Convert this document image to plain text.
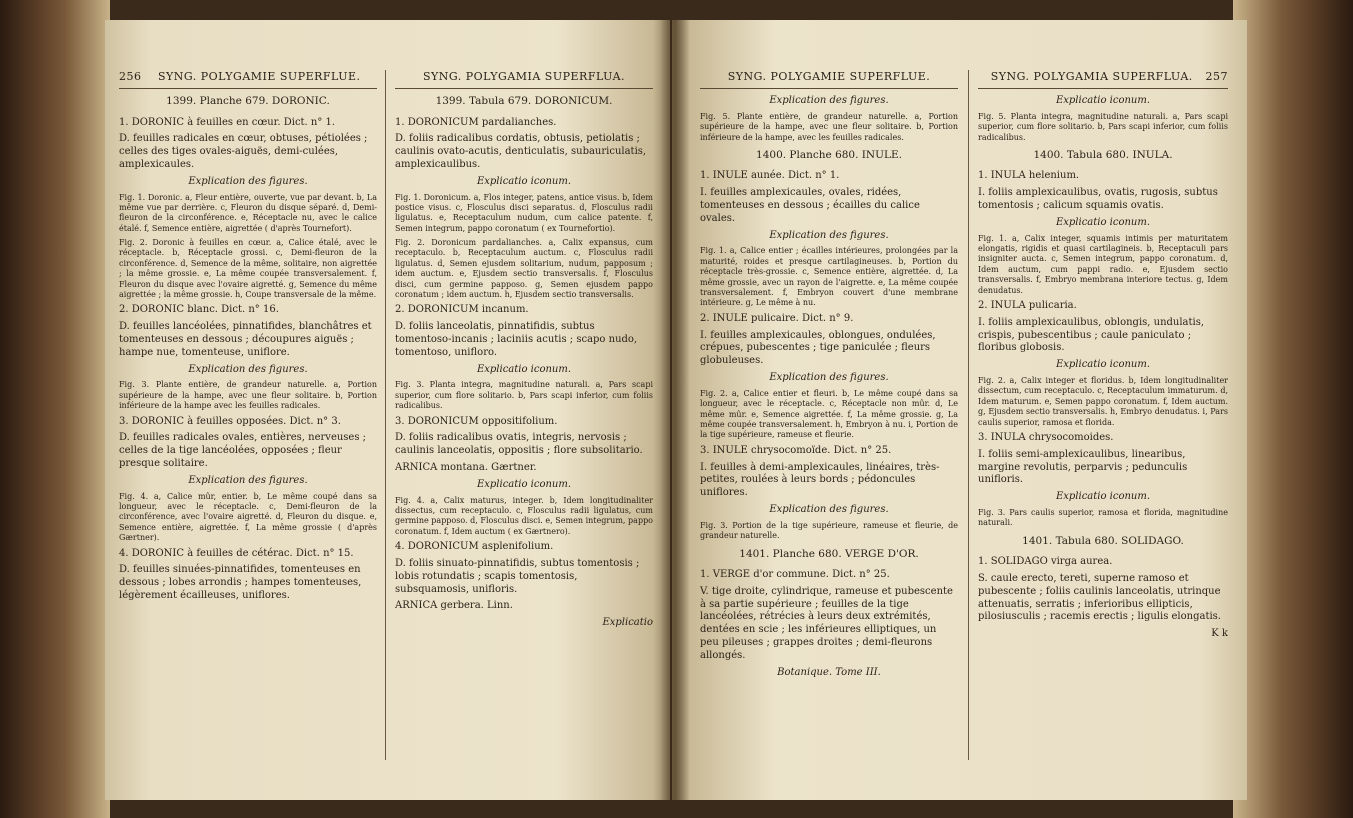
256	SYNG. POLYGAMIE SUPERFLUE.
1399. Planche 679. DORONIC.

1. DORONIC à feuilles en cœur. Dict. n° 1.

D. feuilles radicales en cœur, obtuses, pétiolées ; celles des tiges ovales-aiguës, demi-culées, amplexicaules.

Explication des figures.

Fig. 1. Doronic. a, Fleur entière, ouverte, vue par devant. b, La même vue par derrière. c, Fleuron du disque séparé. d, Demi-fleuron de la circonférence. e, Réceptacle nu, avec le calice étalé. f, Semence entière, aigrettée ( d'après Tournefort).

Fig. 2. Doronic à feuilles en cœur. a, Calice étalé, avec le réceptacle. b, Réceptacle grossi. c, Demi-fleuron de la circonférence. d, Semence de la même, solitaire, non aigrettée ; la même grossie. e, La même coupée transversalement. f, Fleuron du disque avec l'ovaire aigretté. g, Semence du même aigrettée ; la même grossie. h, Coupe transversale de la même.

2. DORONIC blanc. Dict. n° 16.

D. feuilles lancéolées, pinnatifides, blanchâtres et tomenteuses en dessous ; découpures aiguës ; hampe nue, tomenteuse, uniflore.

Explication des figures.

Fig. 3. Plante entière, de grandeur naturelle. a, Portion supérieure de la hampe, avec une fleur solitaire. b, Portion inférieure de la hampe avec les feuilles radicales.

3. DORONIC à feuilles opposées. Dict. n° 3.

D. feuilles radicales ovales, entières, nerveuses ; celles de la tige lancéolées, opposées ; fleur presque solitaire.

Explication des figures.

Fig. 4. a, Calice mûr, entier. b, Le même coupé dans sa longueur, avec le réceptacle. c, Demi-fleuron de la circonférence, avec l'ovaire aigretté. d, Fleuron du disque. e, Semence entière, aigrettée. f, La même grossie ( d'après Gærtner).

4. DORONIC à feuilles de cétérac. Dict. n° 15.

D. feuilles sinuées-pinnatifides, tomenteuses en dessous ; lobes arrondis ; hampes tomenteuses, légèrement écailleuses, uniflores.

SYNG. POLYGAMIA SUPERFLUA.
1399. Tabula 679. DORONICUM.

1. DORONICUM pardalianches.

D. foliis radicalibus cordatis, obtusis, petiolatis ; caulinis ovato-acutis, denticulatis, subauriculatis, amplexicaulibus.

Explicatio iconum.

Fig. 1. Doronicum. a, Flos integer, patens, antice visus. b, Idem postice visus. c, Flosculus disci separatus. d, Flosculus radii ligulatus. e, Receptaculum nudum, cum calice patente. f, Semen integrum, pappo coronatum ( ex Tournefortio).

Fig. 2. Doronicum pardalianches. a, Calix expansus, cum receptaculo. b, Receptaculum auctum. c, Flosculus radii ligulatus. d, Semen ejusdem solitarium, nudum, papposum ; idem auctum. e, Ejusdem sectio transversalis. f, Flosculus disci, cum germine papposo. g, Semen ejusdem pappo coronatum ; idem auctum. h, Ejusdem sectio transversalis.

2. DORONICUM incanum.

D. foliis lanceolatis, pinnatifidis, subtus tomentoso-incanis ; laciniis acutis ; scapo nudo, tomentoso, unifloro.

Explicatio iconum.

Fig. 3. Planta integra, magnitudine naturali. a, Pars scapi superior, cum flore solitario. b, Pars scapi inferior, cum foliis radicalibus.

3. DORONICUM oppositifolium.

D. foliis radicalibus ovatis, integris, nervosis ; caulinis lanceolatis, oppositis ; flore subsolitario.

ARNICA montana. Gærtner.

Explicatio iconum.

Fig. 4. a, Calix maturus, integer. b, Idem longitudinaliter dissectus, cum receptaculo. c, Flosculus radii ligulatus, cum germine papposo. d, Flosculus disci. e, Semen integrum, pappo coronatum. f, Idem auctum ( ex Gærtnero).

4. DORONICUM asplenifolium.

D. foliis sinuato-pinnatifidis, subtus tomentosis ; lobis rotundatis ; scapis tomentosis, subsquamosis, unifloris.

ARNICA gerbera. Linn.

Explicatio

SYNG. POLYGAMIE SUPERFLUE.

Explication des figures.

Fig. 5. Plante entière, de grandeur naturelle. a, Portion supérieure de la hampe, avec une fleur solitaire. b, Portion inférieure de la hampe, avec les feuilles radicales.

1400. Planche 680. INULE.

1. INULE aunée. Dict. n° 1.

I. feuilles amplexicaules, ovales, ridées, tomenteuses en dessous ; écailles du calice ovales.

Explication des figures.

Fig. 1. a, Calice entier ; écailles intérieures, prolongées par la maturité, roides et presque cartilagineuses. b, Portion du réceptacle très-grossie. c, Semence entière, aigrettée. d, La même grossie, avec un rayon de l'aigrette. e, La même coupée transversalement. f, Embryon couvert d'une membrane intérieure. g, Le même à nu.

2. INULE pulicaire. Dict. n° 9.

I. feuilles amplexicaules, oblongues, ondulées, crépues, pubescentes ; tige paniculée ; fleurs globuleuses.

Explication des figures.

Fig. 2. a, Calice entier et fleuri. b, Le même coupé dans sa longueur, avec le réceptacle. c, Réceptacle non mûr. d, Le même mûr. e, Semence aigrettée. f, La même grossie. g, La même coupée transversalement. h, Embryon à nu. i, Portion de la tige supérieure, rameuse et fleurie.

3. INULE chrysocomoïde. Dict. n° 25.

I. feuilles à demi-amplexicaules, linéaires, très-petites, roulées à leurs bords ; pédoncules uniflores.

Explication des figures.

Fig. 3. Portion de la tige supérieure, rameuse et fleurie, de grandeur naturelle.

1401. Planche 680. VERGE D'OR.

1. VERGE d'or commune. Dict. n° 25.

V. tige droite, cylindrique, rameuse et pubescente à sa partie supérieure ; feuilles de la tige lancéolées, rétrécies à leurs deux extrémités, dentées en scie ; les inférieures elliptiques, un peu pileuses ; grappes droites ; demi-fleurons allongés.

Botanique. Tome III.

SYNG. POLYGAMIA SUPERFLUA.	257

Explicatio iconum.

Fig. 5. Planta integra, magnitudine naturali. a, Pars scapi superior, cum flore solitario. b, Pars scapi inferior, cum foliis radicalibus.

1400. Tabula 680. INULA.

1. INULA helenium.

I. foliis amplexicaulibus, ovatis, rugosis, subtus tomentosis ; calicum squamis ovatis.

Explicatio iconum.

Fig. 1. a, Calix integer, squamis intimis per maturitatem elongatis, rigidis et quasi cartilagineis. b, Receptaculi pars insigniter aucta. c, Semen integrum, pappo coronatum. d, Idem auctum, cum pappi radio. e, Ejusdem sectio transversalis. f, Embryo membrana interiore tectus. g, Idem denudatus.

2. INULA pulicaria.

I. foliis amplexicaulibus, oblongis, undulatis, crispis, pubescentibus ; caule paniculato ; floribus globosis.

Explicatio iconum.

Fig. 2. a, Calix integer et floridus. b, Idem longitudinaliter dissectum, cum receptaculo. c, Receptaculum immaturum. d, Idem maturum. e, Semen pappo coronatum. f, Idem auctum. g, Ejusdem sectio transversalis. h, Embryo denudatus. i, Pars caulis superior, ramosa et florida.

3. INULA chrysocomoides.

I. foliis semi-amplexicaulibus, linearibus, margine revolutis, perparvis ; pedunculis unifloris.

Explicatio iconum.

Fig. 3. Pars caulis superior, ramosa et florida, magnitudine naturali.

1401. Tabula 680. SOLIDAGO.

1. SOLIDAGO virga aurea.

S. caule erecto, tereti, superne ramoso et pubescente ; foliis caulinis lanceolatis, utrinque attenuatis, serratis ; inferioribus ellipticis, pilosiusculis ; racemis erectis ; ligulis elongatis.

K k
